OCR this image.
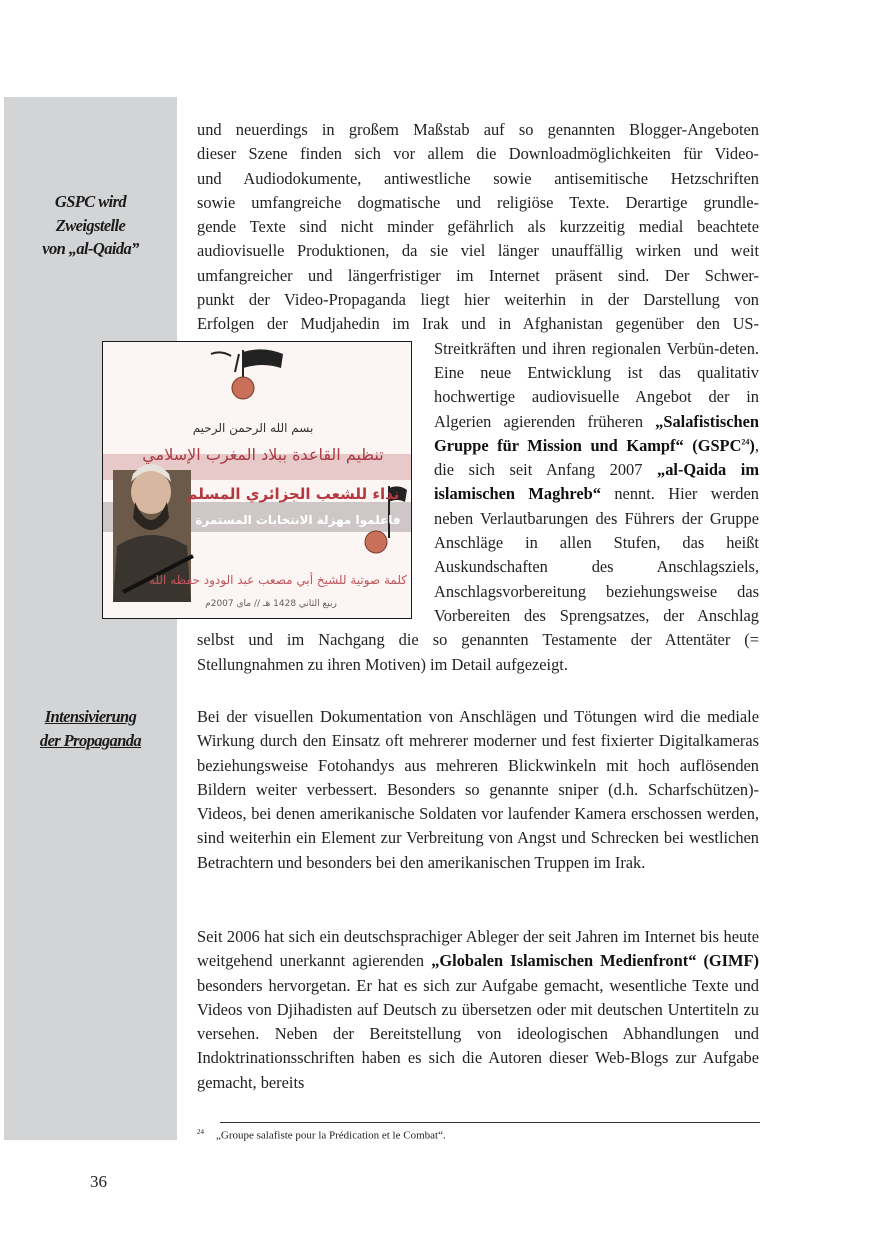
GSPC wird
Zweigstelle
von „al-Qaida”
Intensivierung
der Propaganda
und neuerdings in großem Maßstab auf so genannten Blogger-Angeboten
dieser Szene finden sich vor allem die Downloadmöglichkeiten für Video-
und Audiodokumente, antiwestliche sowie antisemitische Hetzschriften
sowie umfangreiche dogmatische und religiöse Texte. Derartige grundle-
gende Texte sind nicht minder gefährlich als kurzzeitig medial beachtete
audiovisuelle Produktionen, da sie viel länger unauffällig wirken und weit
umfangreicher und längerfristiger im Internet präsent sind. Der Schwer-
punkt der Video-Propaganda liegt hier weiterhin in der Darstellung von
Erfolgen der Mudjahedin im Irak und in Afghanistan gegenüber den US-
بسم الله الرحمن الرحيم
تنظيم القاعدة ببلاد المغرب الإسلامي
نداء للشعب الجزائري المسلم
فاعلموا مهزلة الانتخابات المستمرة
كلمة صوتية للشيخ أبي مصعب عبد الودود حفظه الله
ربيع الثاني 1428 هـ // ماي 2007م
Streitkräften und ihren regionalen Verbün-deten. Eine neue Entwicklung ist das qualitativ hochwertige audiovisuelle Angebot der in Algerien agierenden früheren „Salafistischen Gruppe für Mission und Kampf“ (GSPC$^{24}$), die sich seit Anfang 2007 „al-Qaida im islamischen Maghreb“ nennt. Hier werden neben Verlautbarungen des Führers der Gruppe Anschläge in allen Stufen, das heißt Auskundschaften des Anschlagsziels, Anschlagsvorbereitung beziehungsweise das Vorbereiten des Sprengsatzes, der Anschlag selbst und im Nachgang die so genannten Testamente der Attentäter (= Stellungnahmen zu ihren Motiven) im Detail aufgezeigt.
Bei der visuellen Dokumentation von Anschlägen und Tötungen wird die mediale Wirkung durch den Einsatz oft mehrerer moderner und fest fixierter Digitalkameras beziehungsweise Fotohandys aus mehreren Blickwinkeln mit hoch auflösenden Bildern weiter verbessert. Besonders so genannte sniper (d.h. Scharfschützen)-Videos, bei denen amerikanische Soldaten vor laufender Kamera erschossen werden, sind weiterhin ein Element zur Verbreitung von Angst und Schrecken bei westlichen Betrachtern und besonders bei den amerikanischen Truppen im Irak.
Seit 2006 hat sich ein deutschsprachiger Ableger der seit Jahren im Internet bis heute weitgehend unerkannt agierenden „Globalen Islamischen Medienfront“ (GIMF) besonders hervorgetan. Er hat es sich zur Aufgabe gemacht, wesentliche Texte und Videos von Djihadisten auf Deutsch zu übersetzen oder mit deutschen Untertiteln zu versehen. Neben der Bereitstellung von ideologischen Abhandlungen und Indoktrinationsschriften haben es sich die Autoren dieser Web-Blogs zur Aufgabe gemacht, bereits
$^{24}$ „Groupe salafiste pour la Prédication et le Combat“.
36
